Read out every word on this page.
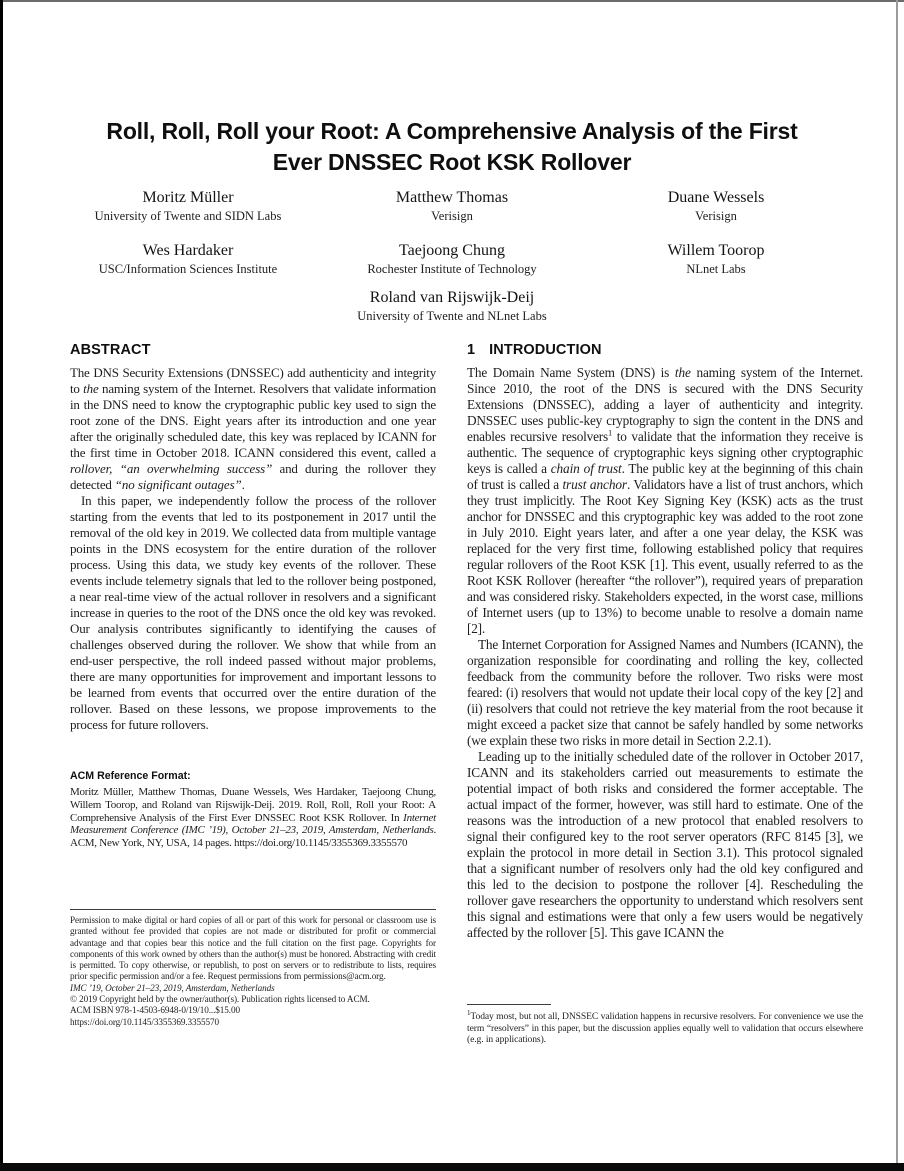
Roll, Roll, Roll your Root: A Comprehensive Analysis of the First
Ever DNSSEC Root KSK Rollover
Moritz Müller
University of Twente and SIDN Labs
Matthew Thomas
Verisign
Duane Wessels
Verisign
Wes Hardaker
USC/Information Sciences Institute
Taejoong Chung
Rochester Institute of Technology
Willem Toorop
NLnet Labs
Roland van Rijswijk-Deij
University of Twente and NLnet Labs
ABSTRACT

The DNS Security Extensions (DNSSEC) add authenticity and integrity to the naming system of the Internet. Resolvers that validate information in the DNS need to know the cryptographic public key used to sign the root zone of the DNS. Eight years after its introduction and one year after the originally scheduled date, this key was replaced by ICANN for the first time in October 2018. ICANN considered this event, called a rollover, “an overwhelming success” and during the rollover they detected “no significant outages”.

In this paper, we independently follow the process of the rollover starting from the events that led to its postponement in 2017 until the removal of the old key in 2019. We collected data from multiple vantage points in the DNS ecosystem for the entire duration of the rollover process. Using this data, we study key events of the rollover. These events include telemetry signals that led to the rollover being postponed, a near real-time view of the actual rollover in resolvers and a significant increase in queries to the root of the DNS once the old key was revoked. Our analysis contributes significantly to identifying the causes of challenges observed during the rollover. We show that while from an end-user perspective, the roll indeed passed without major problems, there are many opportunities for improvement and important lessons to be learned from events that occurred over the entire duration of the rollover. Based on these lessons, we propose improvements to the process for future rollovers.

ACM Reference Format:

Moritz Müller, Matthew Thomas, Duane Wessels, Wes Hardaker, Taejoong Chung, Willem Toorop, and Roland van Rijswijk-Deij. 2019. Roll, Roll, Roll your Root: A Comprehensive Analysis of the First Ever DNSSEC Root KSK Rollover. In Internet Measurement Conference (IMC ’19), October 21–23, 2019, Amsterdam, Netherlands. ACM, New York, NY, USA, 14 pages. https://doi.org/10.1145/3355369.3355570

Permission to make digital or hard copies of all or part of this work for personal or classroom use is granted without fee provided that copies are not made or distributed for profit or commercial advantage and that copies bear this notice and the full citation on the first page. Copyrights for components of this work owned by others than the author(s) must be honored. Abstracting with credit is permitted. To copy otherwise, or republish, to post on servers or to redistribute to lists, requires prior specific permission and/or a fee. Request permissions from permissions@acm.org.

IMC ’19, October 21–23, 2019, Amsterdam, Netherlands

© 2019 Copyright held by the owner/author(s). Publication rights licensed to ACM.

ACM ISBN 978-1-4503-6948-0/19/10...$15.00

https://doi.org/10.1145/3355369.3355570

1 INTRODUCTION

The Domain Name System (DNS) is the naming system of the Internet. Since 2010, the root of the DNS is secured with the DNS Security Extensions (DNSSEC), adding a layer of authenticity and integrity. DNSSEC uses public-key cryptography to sign the content in the DNS and enables recursive resolvers$^1$ to validate that the information they receive is authentic. The sequence of cryptographic keys signing other cryptographic keys is called a chain of trust. The public key at the beginning of this chain of trust is called a trust anchor. Validators have a list of trust anchors, which they trust implicitly. The Root Key Signing Key (KSK) acts as the trust anchor for DNSSEC and this cryptographic key was added to the root zone in July 2010. Eight years later, and after a one year delay, the KSK was replaced for the very first time, following established policy that requires regular rollovers of the Root KSK [1]. This event, usually referred to as the Root KSK Rollover (hereafter “the rollover”), required years of preparation and was considered risky. Stakeholders expected, in the worst case, millions of Internet users (up to 13%) to become unable to resolve a domain name [2].

The Internet Corporation for Assigned Names and Numbers (ICANN), the organization responsible for coordinating and rolling the key, collected feedback from the community before the rollover. Two risks were most feared: (i) resolvers that would not update their local copy of the key [2] and (ii) resolvers that could not retrieve the key material from the root because it might exceed a packet size that cannot be safely handled by some networks (we explain these two risks in more detail in Section 2.2.1).

Leading up to the initially scheduled date of the rollover in October 2017, ICANN and its stakeholders carried out measurements to estimate the potential impact of both risks and considered the former acceptable. The actual impact of the former, however, was still hard to estimate. One of the reasons was the introduction of a new protocol that enabled resolvers to signal their configured key to the root server operators (RFC 8145 [3], we explain the protocol in more detail in Section 3.1). This protocol signaled that a significant number of resolvers only had the old key configured and this led to the decision to postpone the rollover [4]. Rescheduling the rollover gave researchers the opportunity to understand which resolvers sent this signal and estimations were that only a few users would be negatively affected by the rollover [5]. This gave ICANN the

$^1$Today most, but not all, DNSSEC validation happens in recursive resolvers. For convenience we use the term “resolvers” in this paper, but the discussion applies equally well to validation that occurs elsewhere (e.g. in applications).
